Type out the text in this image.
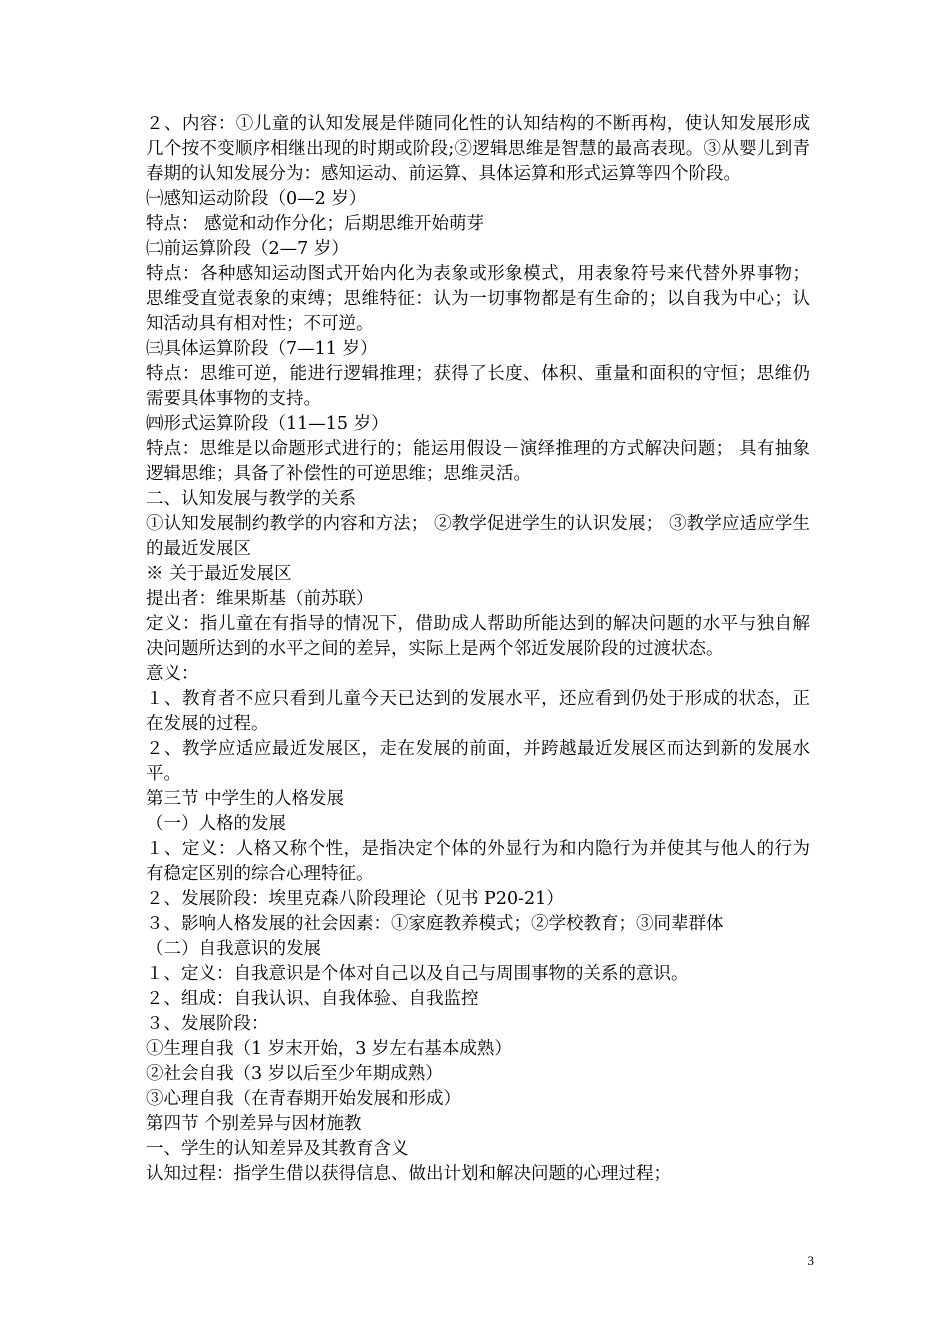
２、内容：①儿童的认知发展是伴随同化性的认知结构的不断再构，使认知发展形成几个按不变顺序相继出现的时期或阶段;②逻辑思维是智慧的最高表现。③从婴儿到青春期的认知发展分为：感知运动、前运算、具体运算和形式运算等四个阶段。

㈠感知运动阶段（0—2 岁）

特点： 感觉和动作分化；后期思维开始萌芽

㈡前运算阶段（2—7 岁）

特点：各种感知运动图式开始内化为表象或形象模式，用表象符号来代替外界事物；思维受直觉表象的束缚；思维特征：认为一切事物都是有生命的；以自我为中心；认知活动具有相对性；不可逆。

㈢具体运算阶段（7—11 岁）

特点：思维可逆，能进行逻辑推理；获得了长度、体积、重量和面积的守恒；思维仍需要具体事物的支持。

㈣形式运算阶段（11—15 岁）

特点：思维是以命题形式进行的；能运用假设－演绎推理的方式解决问题； 具有抽象逻辑思维；具备了补偿性的可逆思维；思维灵活。

二、认知发展与教学的关系

①认知发展制约教学的内容和方法； ②教学促进学生的认识发展； ③教学应适应学生的最近发展区

※ 关于最近发展区

提出者：维果斯基（前苏联）

定义：指儿童在有指导的情况下，借助成人帮助所能达到的解决问题的水平与独自解决问题所达到的水平之间的差异，实际上是两个邻近发展阶段的过渡状态。

意义：

１、教育者不应只看到儿童今天已达到的发展水平，还应看到仍处于形成的状态，正在发展的过程。

２、教学应适应最近发展区，走在发展的前面，并跨越最近发展区而达到新的发展水平。

第三节 中学生的人格发展

（一）人格的发展

１、定义：人格又称个性，是指决定个体的外显行为和内隐行为并使其与他人的行为有稳定区别的综合心理特征。

２、发展阶段：埃里克森八阶段理论（见书 P20-21）

３、影响人格发展的社会因素：①家庭教养模式；②学校教育；③同辈群体

（二）自我意识的发展

１、定义：自我意识是个体对自己以及自己与周围事物的关系的意识。

２、组成：自我认识、自我体验、自我监控

３、发展阶段：

①生理自我（1 岁末开始，3 岁左右基本成熟）

②社会自我（3 岁以后至少年期成熟）

③心理自我（在青春期开始发展和形成）

第四节 个别差异与因材施教

一、学生的认知差异及其教育含义

认知过程：指学生借以获得信息、做出计划和解决问题的心理过程；

3
